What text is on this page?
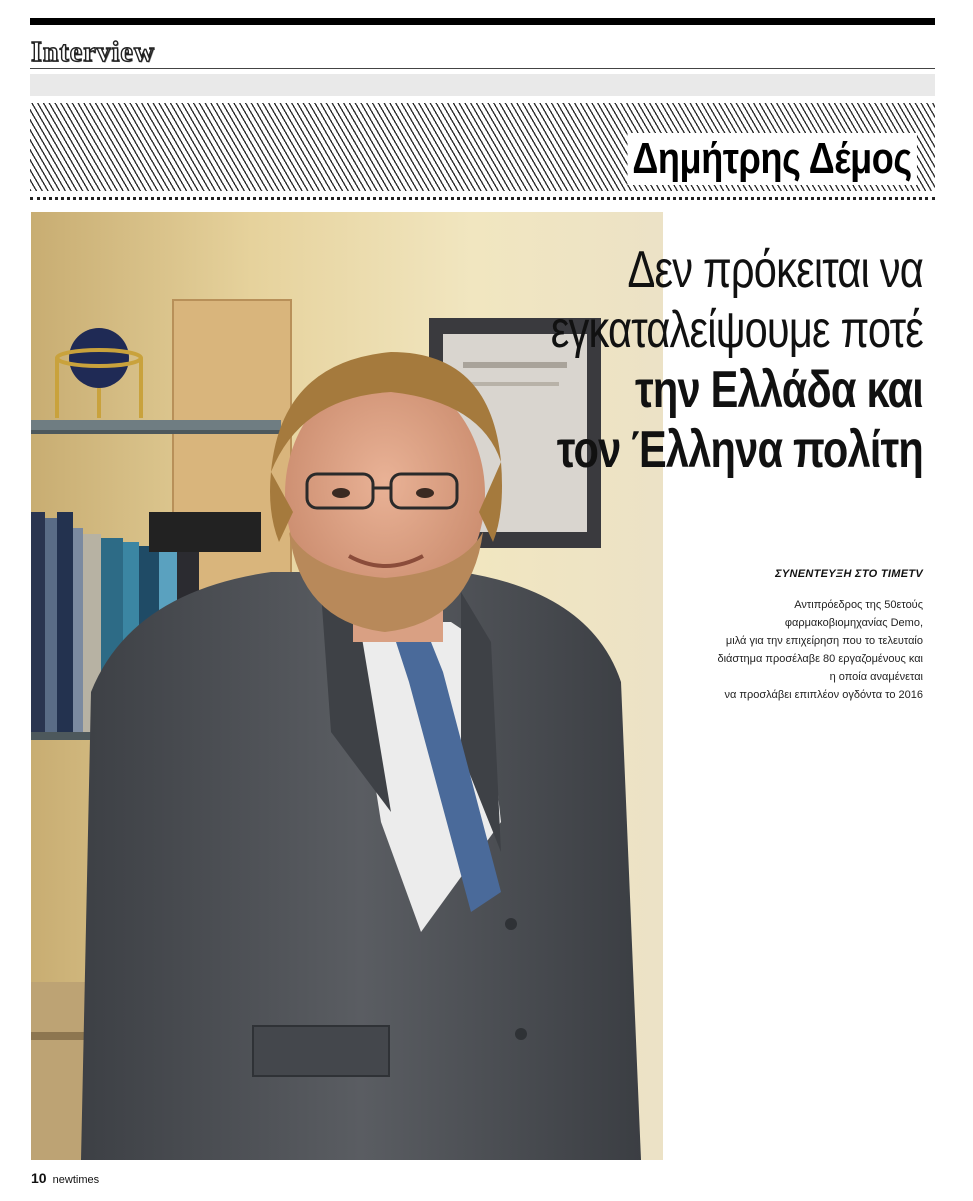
Interview
Δημήτρης Δέμος
Δεν πρόκειται να
εγκαταλείψουμε ποτέ
την Ελλάδα και
τον Έλληνα πολίτη
ΣΥΝΕΝΤΕΥΞΗ ΣΤΟ TIMETV
Αντιπρόεδρος της 50ετούς
φαρμακοβιομηχανίας Demo,
μιλά για την επιχείρηση που το τελευταίο
διάστημα προσέλαβε 80 εργαζομένους και
η οποία αναμένεται
να προσλάβει επιπλέον ογδόντα το 2016
10 newtimes
